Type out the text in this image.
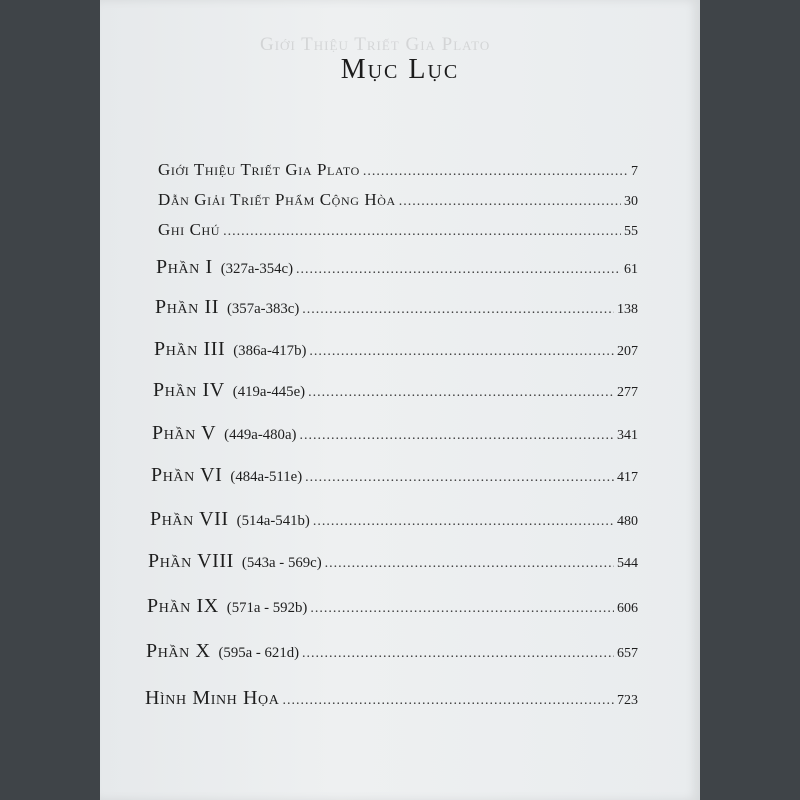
Giới Thiệu Triết Gia Plato
Mục Lục
Giới Thiệu Triết Gia Plato .....	7
Dẫn Giải Triết Phẩm Cộng Hòa .....	30
Ghi Chú .....	55
Phần I (327a-354c) .....	61
Phần II (357a-383c) .....	138
Phần III (386a-417b) .....	207
Phần IV (419a-445e) .....	277
Phần V (449a-480a) .....	341
Phần VI (484a-511e) .....	417
Phần VII (514a-541b) .....	480
Phần VIII (543a - 569c) .....	544
Phần IX (571a - 592b) .....	606
Phần X (595a - 621d) .....	657
Hình Minh Họa .....	723
